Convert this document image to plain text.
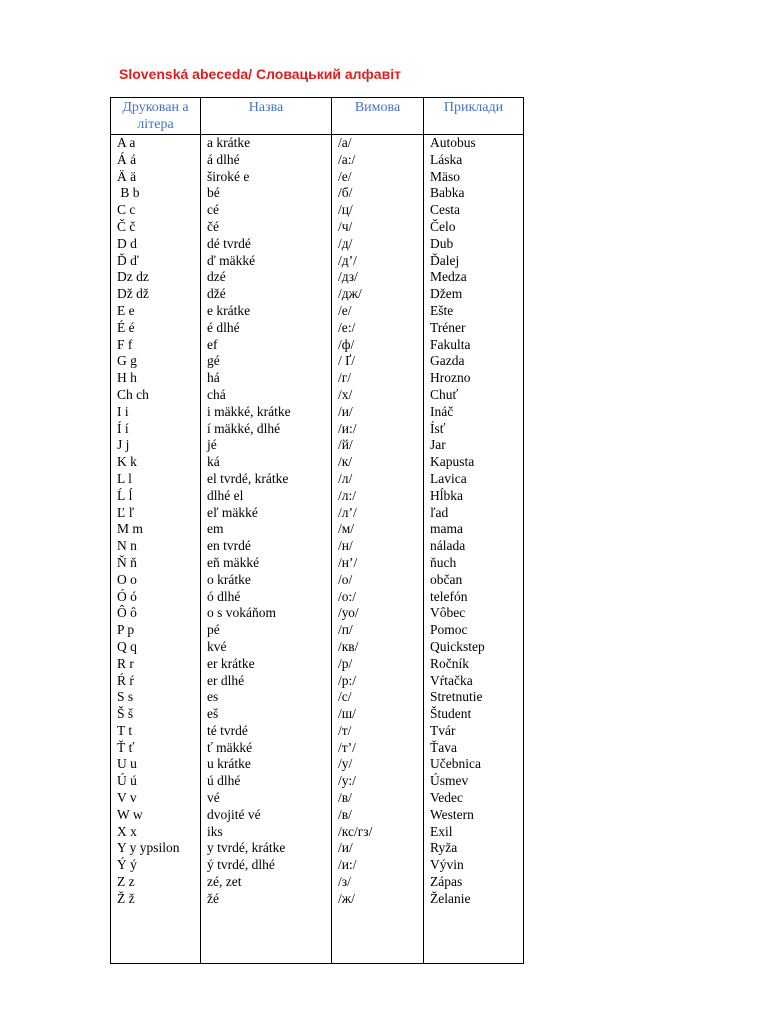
Slovenská abeceda/ Словацький алфавіт
Друкован а літера	Назва	Вимова	Приклади
A a	a krátke	/a/	Autobus
Á á	á dlhé	/a:/	Láska
Ä ä	široké e	/e/	Mäso
B b	bé	/б/	Babka
C c	cé	/ц/	Cesta
Č č	čé	/ч/	Čelo
D d	dé tvrdé	/д/	Dub
Ď ď	ď mäkké	/д’/	Ďalej
Dz dz	dzé	/дз/	Medza
Dž dž	džé	/дж/	Džem
E e	e krátke	/e/	Ešte
É é	é dlhé	/e:/	Tréner
F f	ef	/ф/	Fakulta
G g	gé	/ Ґ/	Gazda
H h	há	/г/	Hrozno
Ch ch	chá	/х/	Chuť
I i	i mäkké, krátke	/и/	Ináč
Í í	í mäkké, dlhé	/и:/	Ísť
J j	jé	/й/	Jar
K k	ká	/к/	Kapusta
L l	el tvrdé, krátke	/л/	Lavica
Ĺ ĺ	dlhé el	/л:/	Hĺbka
Ľ ľ	eľ mäkké	/л’/	ľad
M m	em	/м/	mama
N n	en tvrdé	/н/	nálada
Ň ň	eň mäkké	/н’/	ňuch
O o	o krátke	/о/	občan
Ó ó	ó dlhé	/о:/	telefón
Ô ô	o s vokáňom	/уо/	Vôbec
P p	pé	/п/	Pomoc
Q q	kvé	/кв/	Quickstep
R r	er krátke	/р/	Ročník
Ŕ ŕ	er dlhé	/р:/	Vŕtačka
S s	es	/с/	Stretnutie
Š š	eš	/ш/	Študent
T t	té tvrdé	/т/	Tvár
Ť ť	ť mäkké	/т’/	Ťava
U u	u krátke	/у/	Učebnica
Ú ú	ú dlhé	/у:/	Úsmev
V v	vé	/в/	Vedec
W w	dvojité vé	/в/	Western
X x	iks	/кс/гз/	Exil
Y y ypsilon	y tvrdé, krátke	/и/	Ryža
Ý ý	ý tvrdé, dlhé	/и:/	Vývin
Z z	zé, zet	/з/	Zápas
Ž ž	žé	/ж/	Želanie
